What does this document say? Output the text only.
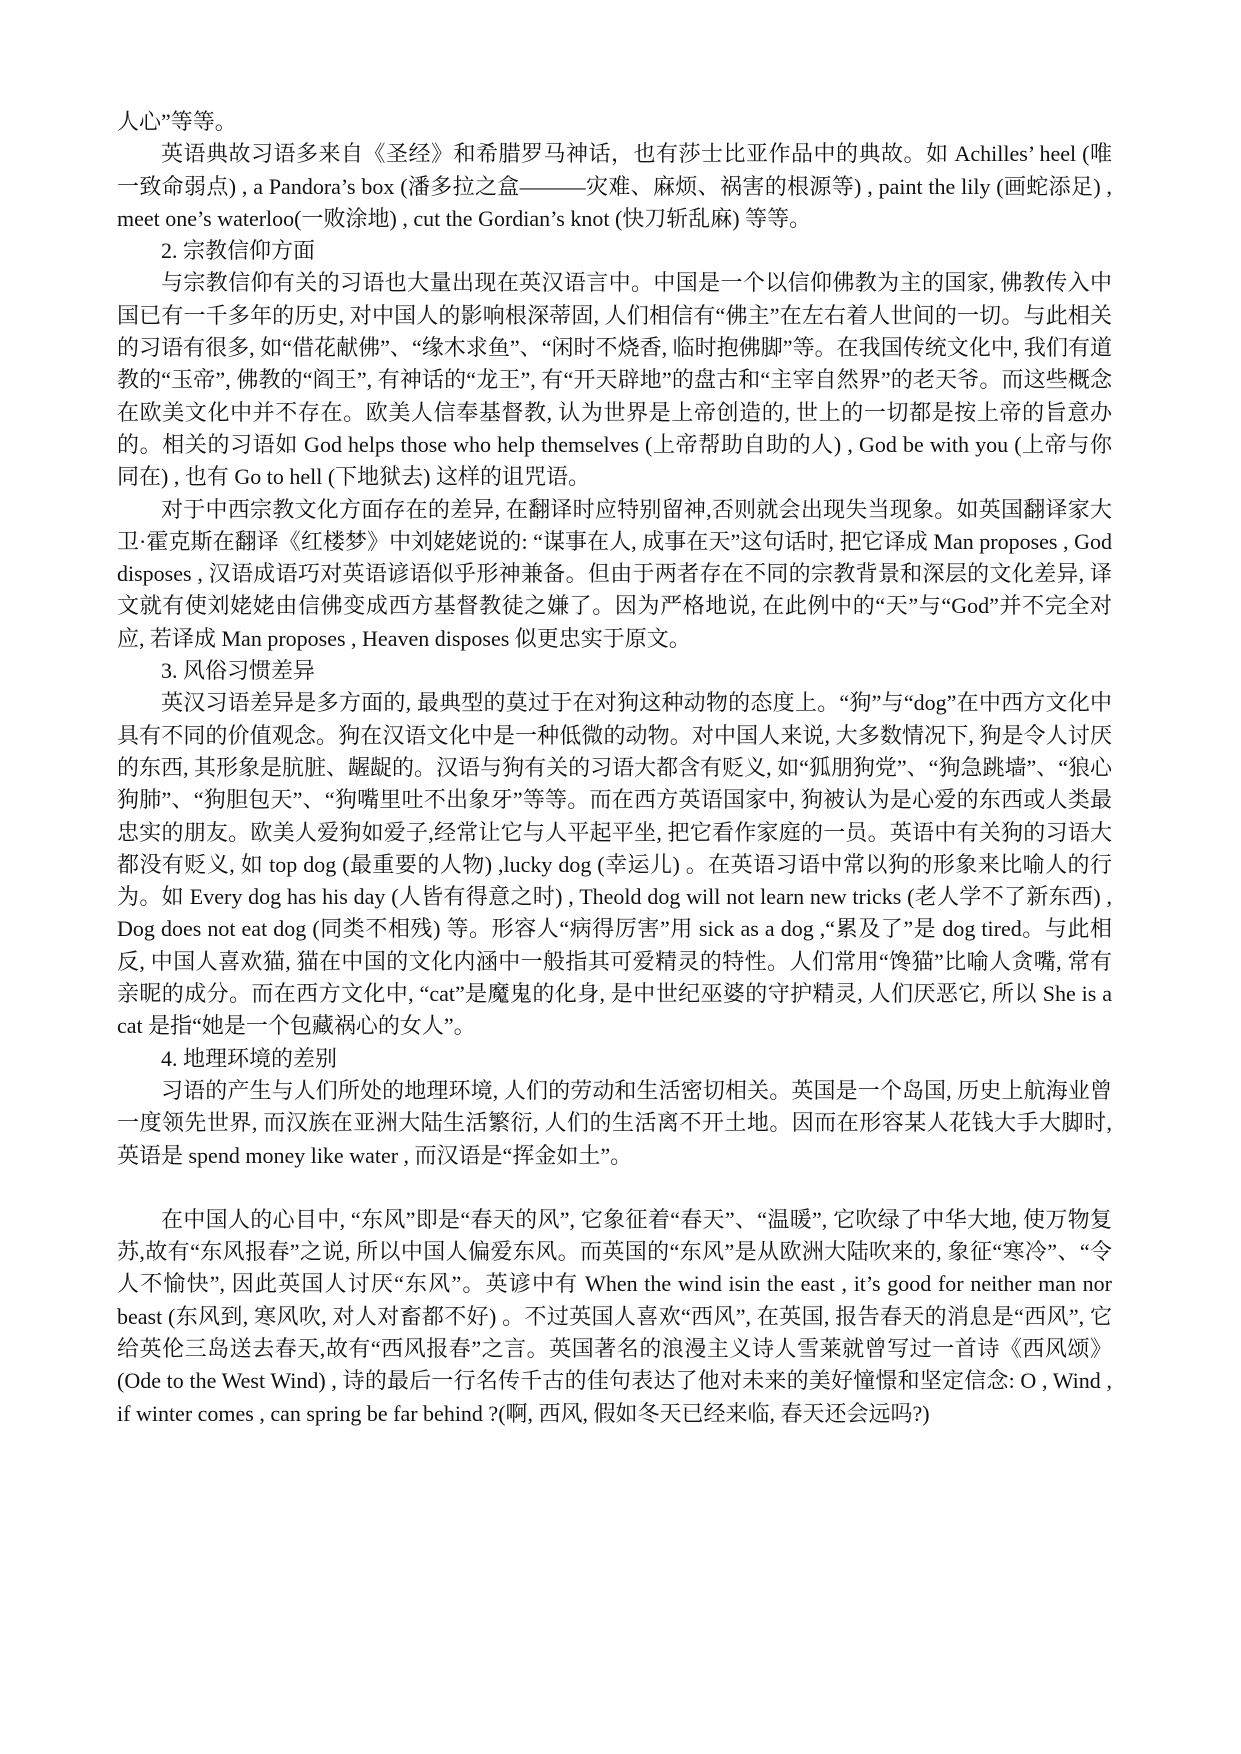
人心”等等。

英语典故习语多来自《圣经》和希腊罗马神话，也有莎士比亚作品中的典故。如 Achilles’ heel (唯一致命弱点) , a Pandora’s box (潘多拉之盒———灾难、麻烦、祸害的根源等) , paint the lily (画蛇添足) , meet one’s waterloo(一败涂地) , cut the Gordian’s knot (快刀斩乱麻) 等等。

2. 宗教信仰方面

与宗教信仰有关的习语也大量出现在英汉语言中。中国是一个以信仰佛教为主的国家, 佛教传入中国已有一千多年的历史, 对中国人的影响根深蒂固, 人们相信有“佛主”在左右着人世间的一切。与此相关的习语有很多, 如“借花献佛”、“缘木求鱼”、“闲时不烧香, 临时抱佛脚”等。在我国传统文化中, 我们有道教的“玉帝”, 佛教的“阎王”, 有神话的“龙王”, 有“开天辟地”的盘古和“主宰自然界”的老天爷。而这些概念在欧美文化中并不存在。欧美人信奉基督教, 认为世界是上帝创造的, 世上的一切都是按上帝的旨意办的。相关的习语如 God helps those who help themselves (上帝帮助自助的人) , God be with you (上帝与你同在) , 也有 Go to hell (下地狱去) 这样的诅咒语。

对于中西宗教文化方面存在的差异, 在翻译时应特别留神,否则就会出现失当现象。如英国翻译家大卫·霍克斯在翻译《红楼梦》中刘姥姥说的: “谋事在人, 成事在天”这句话时, 把它译成 Man proposes , God disposes , 汉语成语巧对英语谚语似乎形神兼备。但由于两者存在不同的宗教背景和深层的文化差异, 译文就有使刘姥姥由信佛变成西方基督教徒之嫌了。因为严格地说, 在此例中的“天”与“God”并不完全对应, 若译成 Man proposes , Heaven disposes 似更忠实于原文。

3. 风俗习惯差异

英汉习语差异是多方面的, 最典型的莫过于在对狗这种动物的态度上。“狗”与“dog”在中西方文化中具有不同的价值观念。狗在汉语文化中是一种低微的动物。对中国人来说, 大多数情况下, 狗是令人讨厌的东西, 其形象是肮脏、龌龊的。汉语与狗有关的习语大都含有贬义, 如“狐朋狗党”、“狗急跳墙”、“狼心狗肺”、“狗胆包天”、“狗嘴里吐不出象牙”等等。而在西方英语国家中, 狗被认为是心爱的东西或人类最忠实的朋友。欧美人爱狗如爱子,经常让它与人平起平坐, 把它看作家庭的一员。英语中有关狗的习语大都没有贬义, 如 top dog (最重要的人物) ,lucky dog (幸运儿) 。在英语习语中常以狗的形象来比喻人的行为。如 Every dog has his day (人皆有得意之时) , Theold dog will not learn new tricks (老人学不了新东西) , Dog does not eat dog (同类不相残) 等。形容人“病得厉害”用 sick as a dog ,“累及了”是 dog tired。与此相反, 中国人喜欢猫, 猫在中国的文化内涵中一般指其可爱精灵的特性。人们常用“馋猫”比喻人贪嘴, 常有亲昵的成分。而在西方文化中, “cat”是魔鬼的化身, 是中世纪巫婆的守护精灵, 人们厌恶它, 所以 She is a cat 是指“她是一个包藏祸心的女人”。

4. 地理环境的差别

习语的产生与人们所处的地理环境, 人们的劳动和生活密切相关。英国是一个岛国, 历史上航海业曾一度领先世界, 而汉族在亚洲大陆生活繁衍, 人们的生活离不开土地。因而在形容某人花钱大手大脚时, 英语是 spend money like water , 而汉语是“挥金如土”。

在中国人的心目中, “东风”即是“春天的风”, 它象征着“春天”、“温暖”, 它吹绿了中华大地, 使万物复苏,故有“东风报春”之说, 所以中国人偏爱东风。而英国的“东风”是从欧洲大陆吹来的, 象征“寒冷”、“令人不愉快”, 因此英国人讨厌“东风”。英谚中有 When the wind isin the east , it’s good for neither man nor beast (东风到, 寒风吹, 对人对畜都不好) 。不过英国人喜欢“西风”, 在英国, 报告春天的消息是“西风”, 它给英伦三岛送去春天,故有“西风报春”之言。英国著名的浪漫主义诗人雪莱就曾写过一首诗《西风颂》(Ode to the West Wind) , 诗的最后一行名传千古的佳句表达了他对未来的美好憧憬和坚定信念: O , Wind , if winter comes , can spring be far behind ?(啊, 西风, 假如冬天已经来临, 春天还会远吗?)
